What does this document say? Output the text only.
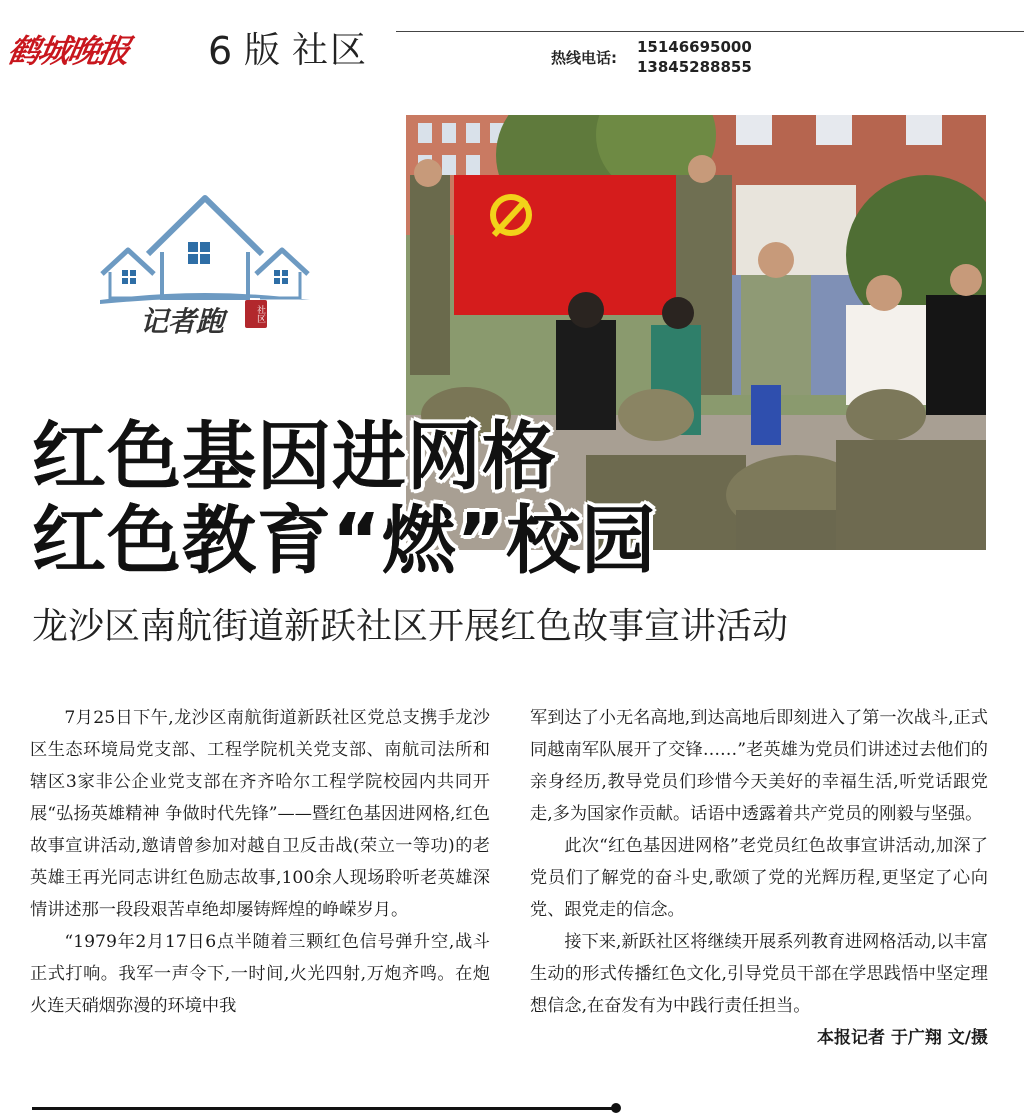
鹤城晚报	6 版 社区	热线电话:
15146695000
13845288855
记者跑	社区
红色基因进网格
红色教育“燃”校园
龙沙区南航街道新跃社区开展红色故事宣讲活动

7月25日下午,龙沙区南航街道新跃社区党总支携手龙沙区生态环境局党支部、工程学院机关党支部、南航司法所和辖区3家非公企业党支部在齐齐哈尔工程学院校园内共同开展“弘扬英雄精神 争做时代先锋”——暨红色基因进网格,红色故事宣讲活动,邀请曾参加对越自卫反击战(荣立一等功)的老英雄王再光同志讲红色励志故事,100余人现场聆听老英雄深情讲述那一段段艰苦卓绝却屡铸辉煌的峥嵘岁月。

“1979年2月17日6点半随着三颗红色信号弹升空,战斗正式打响。我军一声令下,一时间,火光四射,万炮齐鸣。在炮火连天硝烟弥漫的环境中我

军到达了小无名高地,到达高地后即刻进入了第一次战斗,正式同越南军队展开了交锋……”老英雄为党员们讲述过去他们的亲身经历,教导党员们珍惜今天美好的幸福生活,听党话跟党走,多为国家作贡献。话语中透露着共产党员的刚毅与坚强。

此次“红色基因进网格”老党员红色故事宣讲活动,加深了党员们了解党的奋斗史,歌颂了党的光辉历程,更坚定了心向党、跟党走的信念。

接下来,新跃社区将继续开展系列教育进网格活动,以丰富生动的形式传播红色文化,引导党员干部在学思践悟中坚定理想信念,在奋发有为中践行责任担当。

本报记者 于广翔 文/摄
